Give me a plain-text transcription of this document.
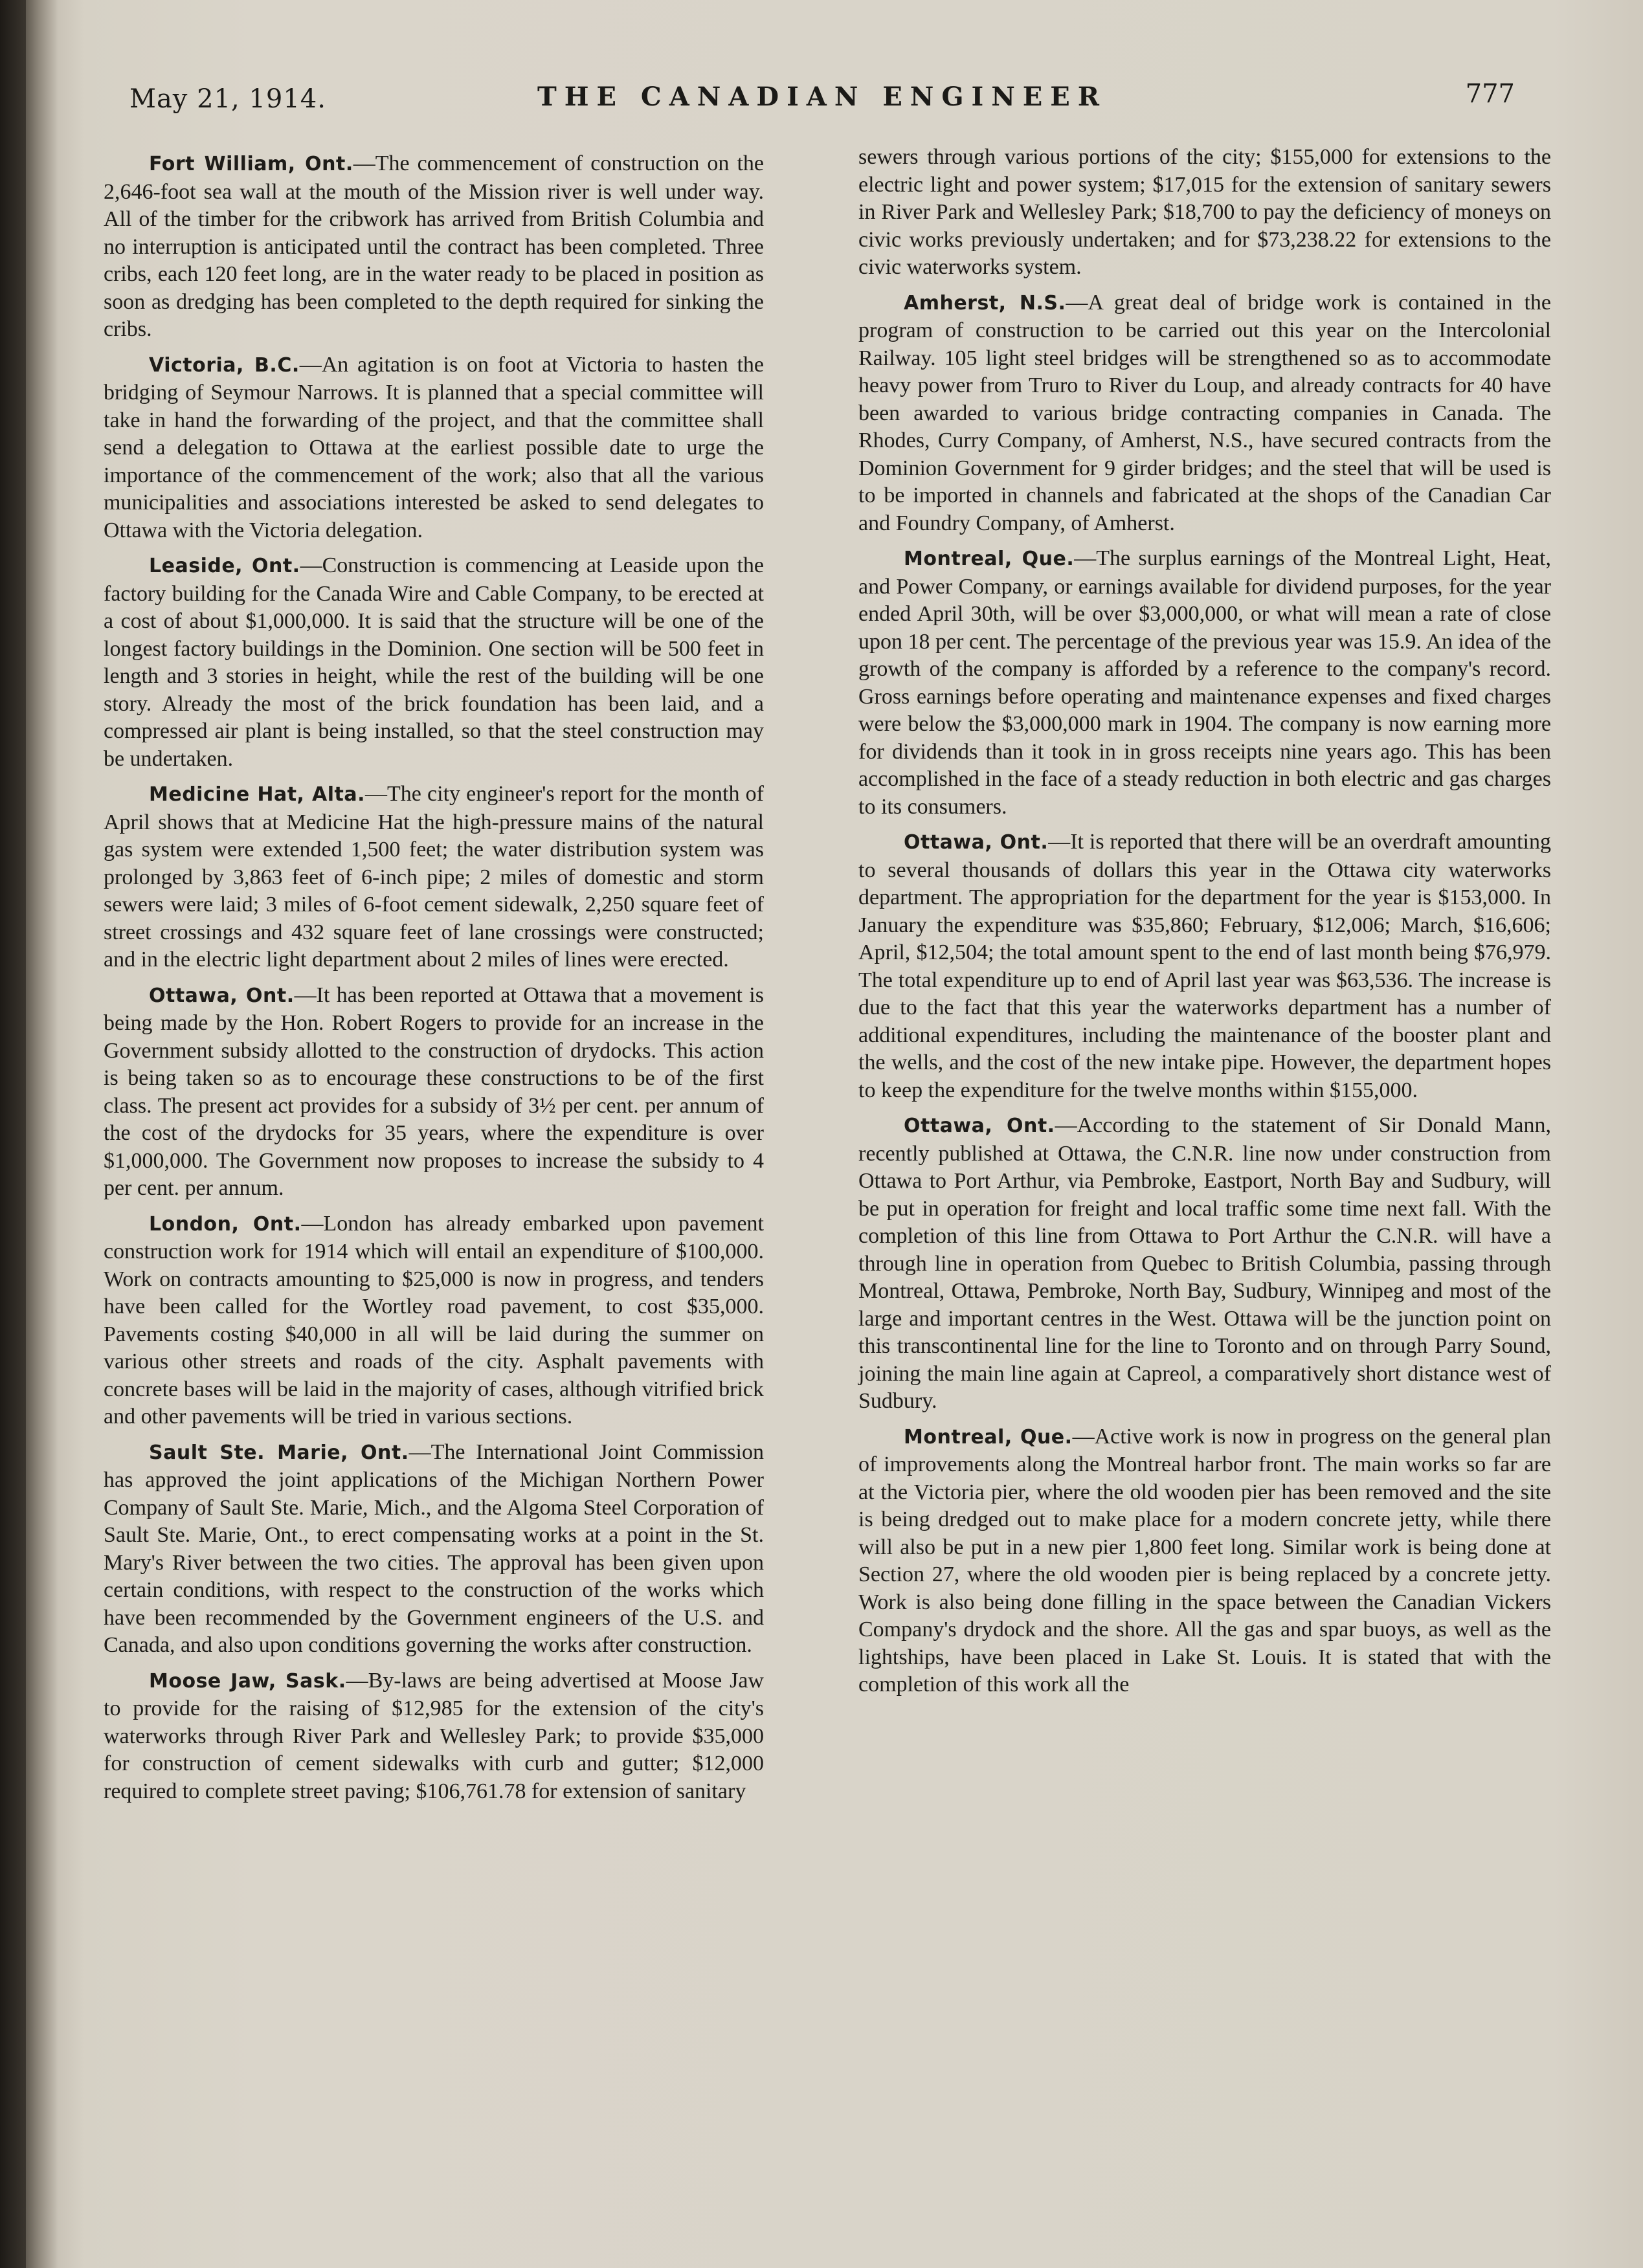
May 21, 1914.	THE CANADIAN ENGINEER	777

Fort William, Ont.—The commencement of construction on the 2,646-foot sea wall at the mouth of the Mission river is well under way. All of the timber for the cribwork has arrived from British Columbia and no interruption is anticipated until the contract has been completed. Three cribs, each 120 feet long, are in the water ready to be placed in position as soon as dredging has been completed to the depth required for sinking the cribs.

Victoria, B.C.—An agitation is on foot at Victoria to hasten the bridging of Seymour Narrows. It is planned that a special committee will take in hand the forwarding of the project, and that the committee shall send a delegation to Ottawa at the earliest possible date to urge the importance of the commencement of the work; also that all the various municipalities and associations interested be asked to send delegates to Ottawa with the Victoria delegation.

Leaside, Ont.—Construction is commencing at Leaside upon the factory building for the Canada Wire and Cable Company, to be erected at a cost of about $1,000,000. It is said that the structure will be one of the longest factory buildings in the Dominion. One section will be 500 feet in length and 3 stories in height, while the rest of the building will be one story. Already the most of the brick foundation has been laid, and a compressed air plant is being installed, so that the steel construction may be undertaken.

Medicine Hat, Alta.—The city engineer's report for the month of April shows that at Medicine Hat the high-pressure mains of the natural gas system were extended 1,500 feet; the water distribution system was prolonged by 3,863 feet of 6-inch pipe; 2 miles of domestic and storm sewers were laid; 3 miles of 6-foot cement sidewalk, 2,250 square feet of street crossings and 432 square feet of lane crossings were constructed; and in the electric light department about 2 miles of lines were erected.

Ottawa, Ont.—It has been reported at Ottawa that a movement is being made by the Hon. Robert Rogers to provide for an increase in the Government subsidy allotted to the construction of drydocks. This action is being taken so as to encourage these constructions to be of the first class. The present act provides for a subsidy of 3½ per cent. per annum of the cost of the drydocks for 35 years, where the expenditure is over $1,000,000. The Government now proposes to increase the subsidy to 4 per cent. per annum.

London, Ont.—London has already embarked upon pavement construction work for 1914 which will entail an expenditure of $100,000. Work on contracts amounting to $25,000 is now in progress, and tenders have been called for the Wortley road pavement, to cost $35,000. Pavements costing $40,000 in all will be laid during the summer on various other streets and roads of the city. Asphalt pavements with concrete bases will be laid in the majority of cases, although vitrified brick and other pavements will be tried in various sections.

Sault Ste. Marie, Ont.—The International Joint Commission has approved the joint applications of the Michigan Northern Power Company of Sault Ste. Marie, Mich., and the Algoma Steel Corporation of Sault Ste. Marie, Ont., to erect compensating works at a point in the St. Mary's River between the two cities. The approval has been given upon certain conditions, with respect to the construction of the works which have been recommended by the Government engineers of the U.S. and Canada, and also upon conditions governing the works after construction.

Moose Jaw, Sask.—By-laws are being advertised at Moose Jaw to provide for the raising of $12,985 for the extension of the city's waterworks through River Park and Wellesley Park; to provide $35,000 for construction of cement sidewalks with curb and gutter; $12,000 required to complete street paving; $106,761.78 for extension of sanitary

sewers through various portions of the city; $155,000 for extensions to the electric light and power system; $17,015 for the extension of sanitary sewers in River Park and Wellesley Park; $18,700 to pay the deficiency of moneys on civic works previously undertaken; and for $73,238.22 for extensions to the civic waterworks system.

Amherst, N.S.—A great deal of bridge work is contained in the program of construction to be carried out this year on the Intercolonial Railway. 105 light steel bridges will be strengthened so as to accommodate heavy power from Truro to River du Loup, and already contracts for 40 have been awarded to various bridge contracting companies in Canada. The Rhodes, Curry Company, of Amherst, N.S., have secured contracts from the Dominion Government for 9 girder bridges; and the steel that will be used is to be imported in channels and fabricated at the shops of the Canadian Car and Foundry Company, of Amherst.

Montreal, Que.—The surplus earnings of the Montreal Light, Heat, and Power Company, or earnings available for dividend purposes, for the year ended April 30th, will be over $3,000,000, or what will mean a rate of close upon 18 per cent. The percentage of the previous year was 15.9. An idea of the growth of the company is afforded by a reference to the company's record. Gross earnings before operating and maintenance expenses and fixed charges were below the $3,000,000 mark in 1904. The company is now earning more for dividends than it took in in gross receipts nine years ago. This has been accomplished in the face of a steady reduction in both electric and gas charges to its consumers.

Ottawa, Ont.—It is reported that there will be an overdraft amounting to several thousands of dollars this year in the Ottawa city waterworks department. The appropriation for the department for the year is $153,000. In January the expenditure was $35,860; February, $12,006; March, $16,606; April, $12,504; the total amount spent to the end of last month being $76,979. The total expenditure up to end of April last year was $63,536. The increase is due to the fact that this year the waterworks department has a number of additional expenditures, including the maintenance of the booster plant and the wells, and the cost of the new intake pipe. However, the department hopes to keep the expenditure for the twelve months within $155,000.

Ottawa, Ont.—According to the statement of Sir Donald Mann, recently published at Ottawa, the C.N.R. line now under construction from Ottawa to Port Arthur, via Pembroke, Eastport, North Bay and Sudbury, will be put in operation for freight and local traffic some time next fall. With the completion of this line from Ottawa to Port Arthur the C.N.R. will have a through line in operation from Quebec to British Columbia, passing through Montreal, Ottawa, Pembroke, North Bay, Sudbury, Winnipeg and most of the large and important centres in the West. Ottawa will be the junction point on this transcontinental line for the line to Toronto and on through Parry Sound, joining the main line again at Capreol, a comparatively short distance west of Sudbury.

Montreal, Que.—Active work is now in progress on the general plan of improvements along the Montreal harbor front. The main works so far are at the Victoria pier, where the old wooden pier has been removed and the site is being dredged out to make place for a modern concrete jetty, while there will also be put in a new pier 1,800 feet long. Similar work is being done at Section 27, where the old wooden pier is being replaced by a concrete jetty. Work is also being done filling in the space between the Canadian Vickers Company's drydock and the shore. All the gas and spar buoys, as well as the lightships, have been placed in Lake St. Louis. It is stated that with the completion of this work all the
